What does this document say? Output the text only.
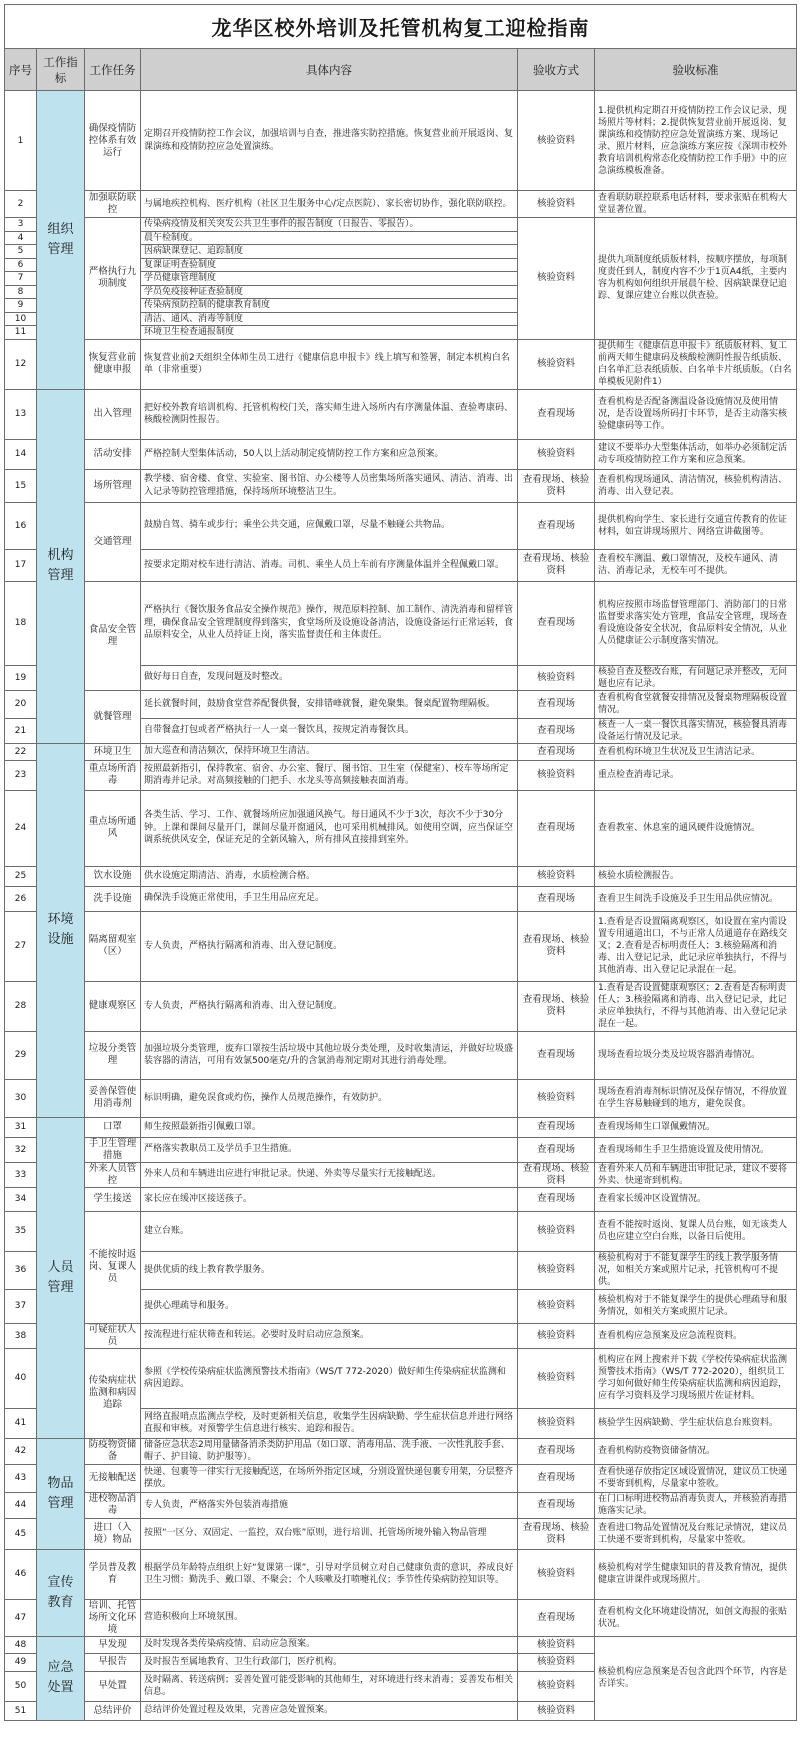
龙华区校外培训及托管机构复工迎检指南					
序号	工作指标	工作任务	具体内容	验收方式	验收标准
1	组织管理	确保疫情防控体系有效运行	定期召开疫情防控工作会议，加强培训与自查，推进落实防控措施。恢复营业前开展返岗、复课演练和疫情防控应急处置演练。	核验资料	1.提供机构定期召开疫情防控工作会议记录、现场照片等材料；2.提供恢复营业前开展返岗、复课演练和疫情防控应急处置演练方案、现场记录、照片材料，应急演练方案应按《深圳市校外教育培训机构常态化疫情防控工作手册》中的应急演练模板准备。
2		加强联防联控	与属地疾控机构、医疗机构（社区卫生服务中心/定点医院）、家长密切协作，强化联防联控。	核验资料	查看联防联控联系电话材料，要求张贴在机构大堂显著位置。
3		严格执行九项制度	传染病疫情及相关突发公共卫生事件的报告制度（日报告、零报告）。	核验资料	提供九项制度纸质版材料，按顺序摆放，每项制度责任到人，制度内容不少于1页A4纸，主要内容为机构如何组织开展晨午检、因病缺课登记追踪、复课应建立台账以供查验。
4			晨午检制度。		
5			因病缺课登记、追踪制度		
6			复课证明查验制度		
7			学员健康管理制度		
8			学员免疫接种证查验制度		
9			传染病预防控制的健康教育制度		
10			清洁、通风、消毒等制度		
11			环境卫生检查通报制度		
12		恢复营业前健康申报	恢复营业前2天组织全体师生员工进行《健康信息申报卡》线上填写和签署，制定本机构白名单（非常重要）	核验资料	提供师生《健康信息申报卡》纸质版材料、复工前两天师生健康码及核酸检测阴性报告纸质版、白名单汇总表纸质版、白名单卡片纸质版。（白名单模板见附件1）
13	机构管理	出入管理	把好校外教育培训机构、托管机构校门关，落实师生进入场所内有序测量体温、查验粤康码、核酸检测阴性报告。	查看现场	查看机构是否配备测温设备设施情况及使用情况，是否设置场所码打卡环节，是否主动落实核验健康码等工作。
14		活动安排	严格控制大型集体活动，50人以上活动制定疫情防控工作方案和应急预案。	核验资料	建议不要举办大型集体活动，如举办必须制定活动专项疫情防控工作方案和应急预案。
15		场所管理	教学楼、宿舍楼、食堂、实验室、图书馆、办公楼等人员密集场所落实通风、清洁、消毒、出入记录等防控管理措施，保持场所环境整洁卫生。	查看现场、核验资料	查看机构现场通风、清洁情况，核验机构清洁、消毒、出入登记表。
16		交通管理	鼓励自驾、骑车或步行；乘坐公共交通，应佩戴口罩，尽量不触碰公共物品。	查看现场	提供机构向学生、家长进行交通宣传教育的佐证材料，如宣讲现场照片、网络宣讲截图等。
17			按要求定期对校车进行清洁、消毒。司机、乘坐人员上车前有序测量体温并全程佩戴口罩。	查看现场、核验资料	查看校车测温、戴口罩情况，及校车通风、清洁、消毒记录，无校车可不提供。
18		食品安全管理	严格执行《餐饮服务食品安全操作规范》操作，规范原料控制、加工制作、清洗消毒和留样管理，确保食品安全管理制度得到落实，食堂场所及设施设备清洁，设施设备运行正常运转，食品原料安全，从业人员持证上岗，落实监督责任和主体责任。	查看现场	机构应按照市场监督管理部门、消防部门的日常监督要求落实处方管理，食品安全管理，现场查看设施设备安全状况，食品原料安全情况，从业人员健康证公示制度落实情况。
19			做好每日自查，发现问题及时整改。	核验资料	核验自查及整改台账，有问题记录并整改，无问题也应有记录。
20		就餐管理	延长就餐时间，鼓励食堂营养配餐供餐，安排错峰就餐，避免聚集。餐桌配置物理隔板。	查看现场	查看机构食堂就餐安排情况及餐桌物理隔板设置情况。
21			自带餐盒打包或者严格执行一人一桌一餐饮具，按规定消毒餐饮具。	查看现场	核查一人一桌一餐饮具落实情况，核验餐具消毒设备运行情况及记录。
22	环境设施	环境卫生	加大巡查和清洁频次，保持环境卫生清洁。	查看现场	查看机构环境卫生状况及卫生清洁记录。
23		重点场所消毒	按照最新指引，保持教室、宿舍、办公室、餐厅、图书馆、卫生室（保健室）、校车等场所定期消毒并记录。对高频接触的门把手、水龙头等高频接触表面消毒。	核验资料	重点检查消毒记录。
24		重点场所通风	各类生活、学习、工作、就餐场所应加强通风换气。每日通风不少于3次，每次不少于30分钟。上课和课间尽量开门，课间尽量开窗通风，也可采用机械排风。如使用空调，应当保证空调系统供风安全，保证充足的全新风输入，所有排风直接排到室外。	查看现场	查看教室、休息室的通风硬件设施情况。
25		饮水设施	供水设施定期清洁、消毒，水质检测合格。	核验资料	核验水质检测报告。
26		洗手设施	确保洗手设施正常使用，手卫生用品应充足。	查看现场	查看卫生间洗手设施及手卫生用品供应情况。
27		隔离留观室（区）	专人负责，严格执行隔离和消毒、出入登记制度。	查看现场、核验资料	1.查看是否设置隔离观察区，如设置在室内需设置专用通道出口，不与正常人员通道存在路线交叉；2.查看是否标明责任人；3.核验隔离和消毒、出入登记记录，此记录应单独执行，不得与其他消毒、出入登记记录混在一起。
28		健康观察区	专人负责，严格执行隔离和消毒、出入登记制度。	查看现场、核验资料	1.查看是否设置健康观察区；2.查看是否标明责任人；3.核验隔离和消毒、出入登记记录，此记录应单独执行，不得与其他消毒、出入登记记录混在一起。
29		垃圾分类管理	加强垃圾分类管理，废弃口罩按生活垃圾中其他垃圾分类处理，及时收集清运，并做好垃圾盛装容器的清洁，可用有效氯500毫克/升的含氯消毒剂定期对其进行消毒处理。	查看现场	现场查看垃圾分类及垃圾容器消毒情况。
30		妥善保管使用消毒剂	标识明确，避免误食或灼伤，操作人员规范操作，有效防护。	核验资料	现场查看消毒剂标识情况及保存情况，不得放置在学生容易触碰到的地方，避免误食。
31	人员管理	口罩	师生按照最新指引佩戴口罩。	查看现场	查看现场师生口罩佩戴情况。
32		手卫生管理措施	严格落实教职员工及学员手卫生措施。	查看现场	查看现场师生手卫生措施设置及使用情况。
33		外来人员管控	外来人员和车辆进出应进行审批记录。快递、外卖等尽量实行无接触配送。	查看现场、核验资料	查看外来人员和车辆进出审批记录，建议不要将外卖、快递寄到机构。
34		学生接送	家长应在缓冲区接送孩子。	查看现场	查看家长缓冲区设置情况。
35		不能按时返岗、复课人员	建立台账。	核验资料	查看不能按时返岗、复课人员台账，如无该类人员也应建立空白台账，以备日后使用。
36			提供优质的线上教育教学服务。	核验资料	核验机构对于不能复课学生的线上教学服务情况，如相关方案或照片记录，托管机构可不提供。
37			提供心理疏导和服务。	核验资料	核验机构对于不能复课学生的提供心理疏导和服务情况，如相关方案或照片记录。
38		可疑症状人员	按流程进行症状筛查和转运。必要时及时启动应急预案。	核验资料	查看机构应急预案及应急流程资料。
40		传染病症状监测和病因追踪	参照《学校传染病症状监测预警技术指南》（WS/T 772-2020）做好师生传染病症状监测和病因追踪。	核验资料	机构应在网上搜索并下载《学校传染病症状监测预警技术指南》（WS/T 772-2020），组织员工学习如何做好师生传染病症状监测和病因追踪，应有学习资料及学习现场照片佐证材料。
41			网络直报哨点监测点学校，及时更新相关信息，收集学生因病缺勤、学生症状信息并进行网络直报和审核。对预警学生信息进行核实、追踪和报告。	核验资料	核验学生因病缺勤、学生症状信息台账资料。
42	物品管理	防疫物资储备	储备应急状态2周用量储备消杀类防护用品（如口罩、消毒用品、洗手液、一次性乳胶手套、帽子、护目镜、防护服等）。	查看现场	查看机构防疫物资储备情况。
43		无接触配送	快递、包裹等一律实行无接触配送，在场所外指定区域，分别设置快递包裹专用架，分层整齐摆放。	查看现场	查看快递存放指定区域设置情况，建议员工快递不要寄到机构，尽量家中签收。
44		进校物品消毒	专人负责，严格落实外包装消毒措施	查看现场	在门口标明进校物品消毒负责人，并核验消毒措施落实记录。
45		进口（入境）物品	按照“一区分、双固定、一监控，双台账”原则，进行培训、托管场所境外输入物品管理	查看现场、核验资料	查看进口物品处置情况及台账记录情况，建议员工快递不要寄到机构，尽量家中签收。
46	宣传教育	学员普及教育	根据学员年龄特点组织上好“复课第一课”，引导对学员树立对自己健康负责的意识，养成良好卫生习惯：勤洗手、戴口罩、不聚会；个人咳嗽及打喷嚏礼仪；季节性传染病防控知识等。	核验资料	核验机构对学生健康知识的普及教育情况，提供健康宣讲课件或现场照片。
47		培训、托管场所文化环境	营造积极向上环境氛围。	查看现场	查看机构文化环境建设情况，如创文海报的张贴状况。
48	应急处置	早发现	及时发现各类传染病疫情、启动应急预案。	核验资料	核验机构应急预案是否包含此四个环节，内容是否详实。
49		早报告	及时报告至属地教育、卫生行政部门，医疗机构。	核验资料	
50		早处置	及时隔离、转送病例；妥善处置可能受影响的其他师生，对环境进行终末消毒；妥善发布相关信息。	核验资料	
51		总结评价	总结评价处置过程及效果，完善应急处置预案。	核验资料	
